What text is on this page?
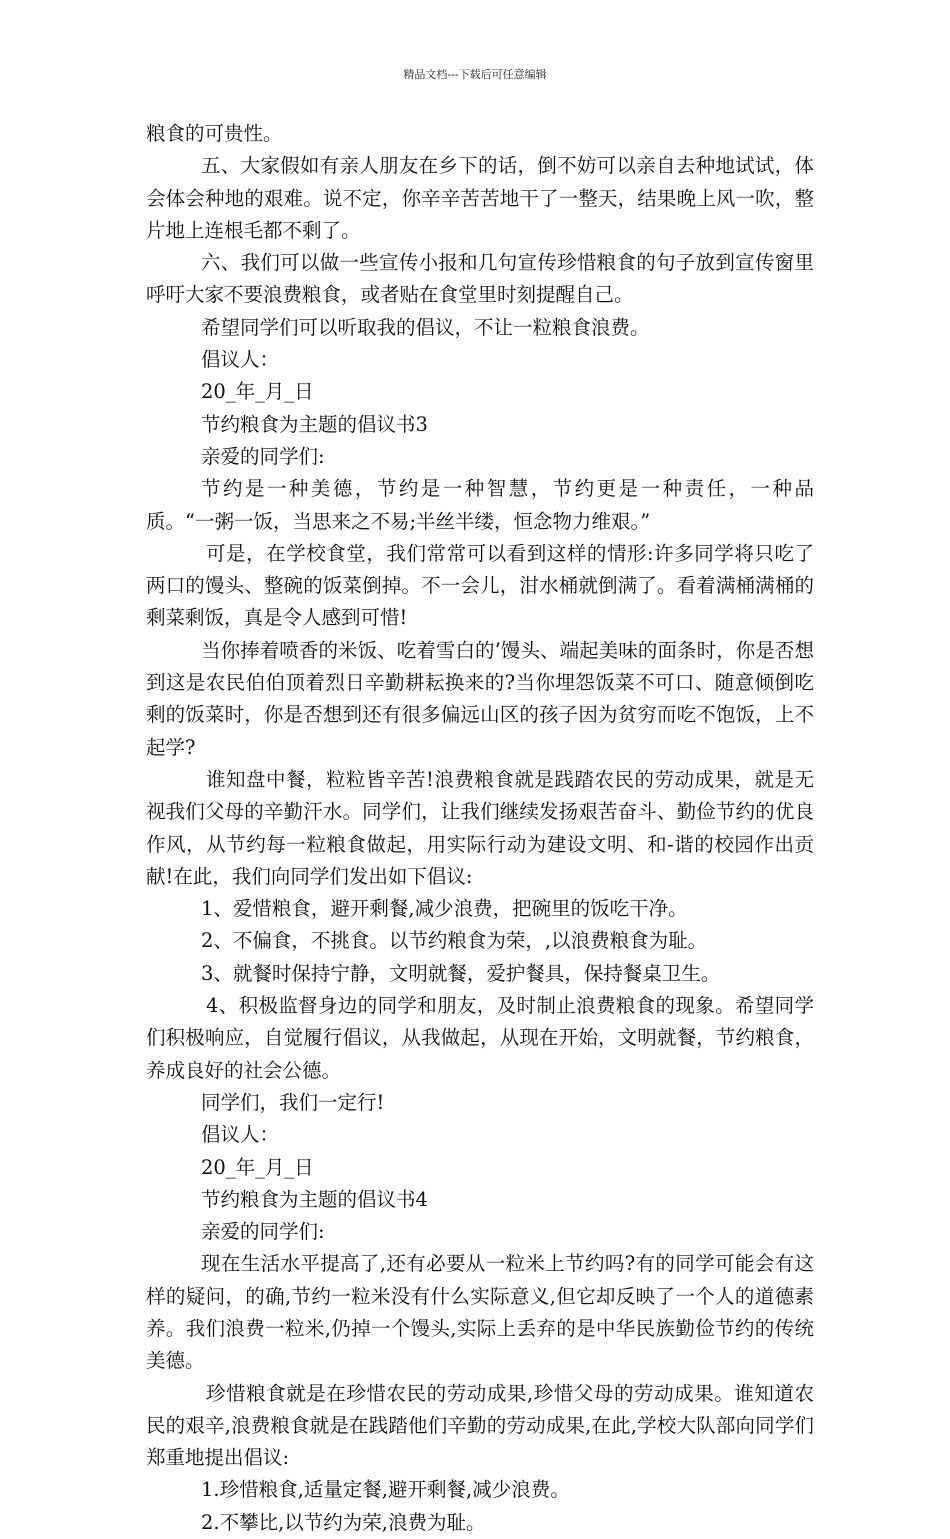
精品文档---下载后可任意编辑

粮食的可贵性。

五、大家假如有亲人朋友在乡下的话，倒不妨可以亲自去种地试试，体会体会种地的艰难。说不定，你辛辛苦苦地干了一整天，结果晚上风一吹，整片地上连根毛都不剩了。

六、我们可以做一些宣传小报和几句宣传珍惜粮食的句子放到宣传窗里呼吁大家不要浪费粮食，或者贴在食堂里时刻提醒自己。

希望同学们可以听取我的倡议，不让一粒粮食浪费。

倡议人：

20_年_月_日

节约粮食为主题的倡议书3

亲爱的同学们:

节约是一种美德，节约是一种智慧，节约更是一种责任，一种品质。“一粥一饭，当思来之不易;半丝半缕，恒念物力维艰。”

可是，在学校食堂，我们常常可以看到这样的情形:许多同学将只吃了两口的馒头、整碗的饭菜倒掉。不一会儿，泔水桶就倒满了。看着满桶满桶的剩菜剩饭，真是令人感到可惜!

当你捧着喷香的米饭、吃着雪白的’馒头、端起美味的面条时，你是否想到这是农民伯伯顶着烈日辛勤耕耘换来的?当你埋怨饭菜不可口、随意倾倒吃剩的饭菜时，你是否想到还有很多偏远山区的孩子因为贫穷而吃不饱饭，上不起学?

谁知盘中餐，粒粒皆辛苦!浪费粮食就是践踏农民的劳动成果，就是无视我们父母的辛勤汗水。同学们，让我们继续发扬艰苦奋斗、勤俭节约的优良作风，从节约每一粒粮食做起，用实际行动为建设文明、和-谐的校园作出贡献!在此，我们向同学们发出如下倡议:

1、爱惜粮食，避开剩餐,减少浪费，把碗里的饭吃干净。

2、不偏食，不挑食。以节约粮食为荣，,以浪费粮食为耻。

3、就餐时保持宁静，文明就餐，爱护餐具，保持餐桌卫生。

4、积极监督身边的同学和朋友，及时制止浪费粮食的现象。希望同学们积极响应，自觉履行倡议，从我做起，从现在开始，文明就餐，节约粮食，养成良好的社会公德。

同学们，我们一定行!

倡议人：

20_年_月_日

节约粮食为主题的倡议书4

亲爱的同学们:

现在生活水平提高了,还有必要从一粒米上节约吗?有的同学可能会有这样的疑问，的确,节约一粒米没有什么实际意义,但它却反映了一个人的道德素养。我们浪费一粒米,仍掉一个馒头,实际上丢弃的是中华民族勤俭节约的传统美德。

珍惜粮食就是在珍惜农民的劳动成果,珍惜父母的劳动成果。谁知道农民的艰辛,浪费粮食就是在践踏他们辛勤的劳动成果,在此,学校大队部向同学们郑重地提出倡议:

1.珍惜粮食,适量定餐,避开剩餐,减少浪费。

2.不攀比,以节约为荣,浪费为耻。
